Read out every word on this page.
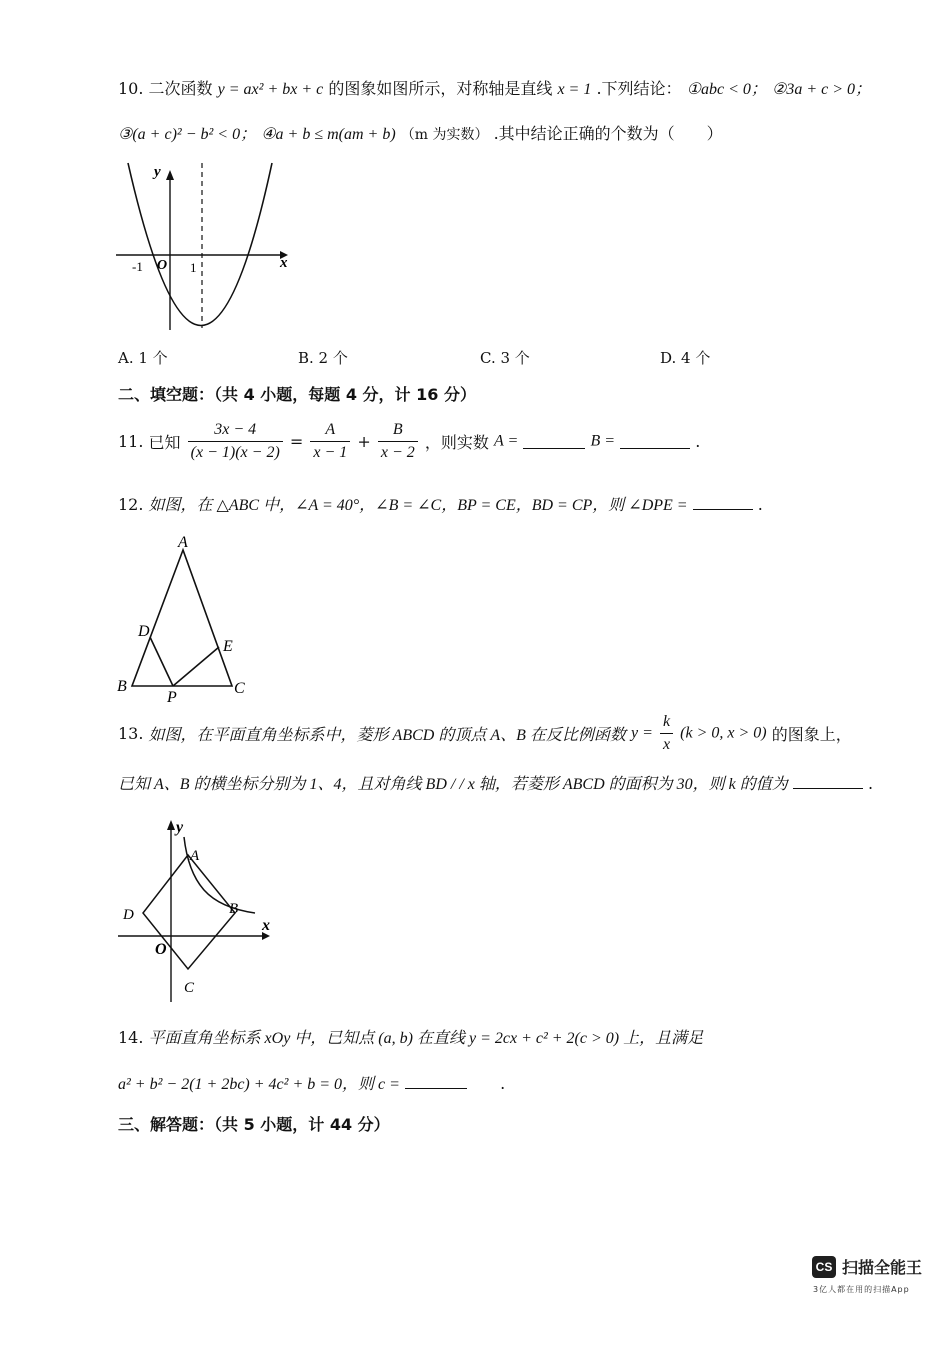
10. 二次函数 y = ax² + bx + c 的图象如图所示，对称轴是直线 x = 1 .下列结论： ①abc < 0； ②3a + c > 0；
③(a + c)² − b² < 0； ④a + b ≤ m(am + b) （m 为实数） .其中结论正确的个数为（　　）
y
x
-1 O 1
A. 1 个	B. 2 个	C. 3 个	D. 4 个
二、填空题：（共 4 小题，每题 4 分，计 16 分）
11. 已知 $\frac{3x - 4}{(x - 1)(x - 2)} = \frac{A}{x - 1} + \frac{B}{x - 2}$ ，则实数 A =	B =	.
12. 如图，在 △ABC 中，∠A = 40°，∠B = ∠C，BP = CE，BD = CP，则 ∠DPE =	.
A
D
E
B
P
C
13. 如图，在平面直角坐标系中，菱形 ABCD 的顶点 A、B 在反比例函数 $y = \frac{k}{x} (k > 0$, x > 0) 的图象上，
已知 A、B 的横坐标分别为 1、4，且对角线 BD / / x 轴，若菱形 ABCD 的面积为 30，则 k 的值为	.
y
x
A
B
D
O
C
14. 平面直角坐标系 xOy 中，已知点 (a, b) 在直线 y = 2cx + c² + 2(c > 0) 上，且满足
a² + b² − 2(1 + 2bc) + 4c² + b = 0，则 c =	.
三、解答题：（共 5 小题，计 44 分）
CS 扫描全能王
3亿人都在用的扫描App
